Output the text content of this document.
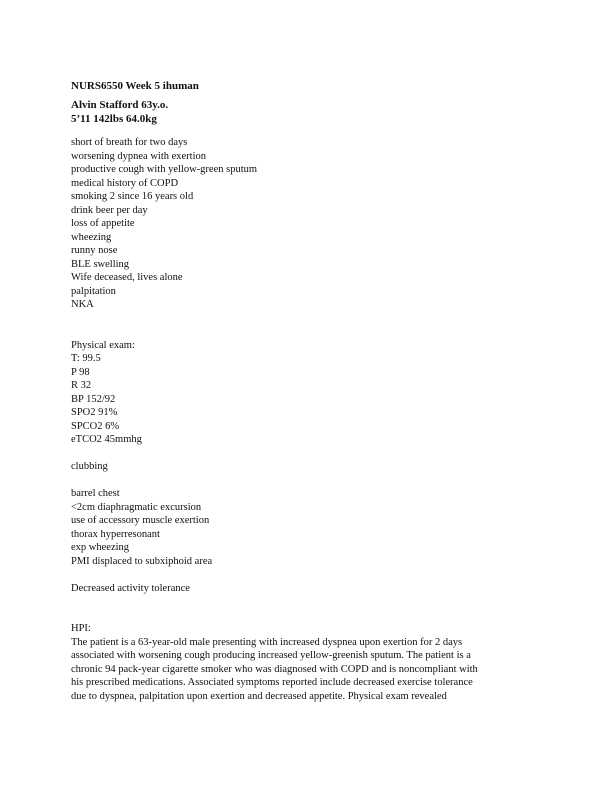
NURS6550 Week 5 ihuman
Alvin Stafford 63y.o.
5’11 142lbs 64.0kg
short of breath for two days
worsening dypnea with exertion
productive cough with yellow-green sputum
medical history of COPD
smoking 2 since 16 years old
drink beer per day
loss of appetite
wheezing
runny nose
BLE swelling
Wife deceased, lives alone
palpitation
NKA
Physical exam:
T: 99.5
P 98
R 32
BP 152/92
SPO2 91%
SPCO2 6%
eTCO2 45mmhg
clubbing
barrel chest
<2cm diaphragmatic excursion
use of accessory muscle exertion
thorax hyperresonant
exp wheezing
PMI displaced to subxiphoid area
Decreased activity tolerance
HPI:
The patient is a 63-year-old male presenting with increased dyspnea upon exertion for 2 days
associated with worsening cough producing increased yellow-greenish sputum. The patient is a
chronic 94 pack-year cigarette smoker who was diagnosed with COPD and is noncompliant with
his prescribed medications. Associated symptoms reported include decreased exercise tolerance
due to dyspnea, palpitation upon exertion and decreased appetite. Physical exam revealed
